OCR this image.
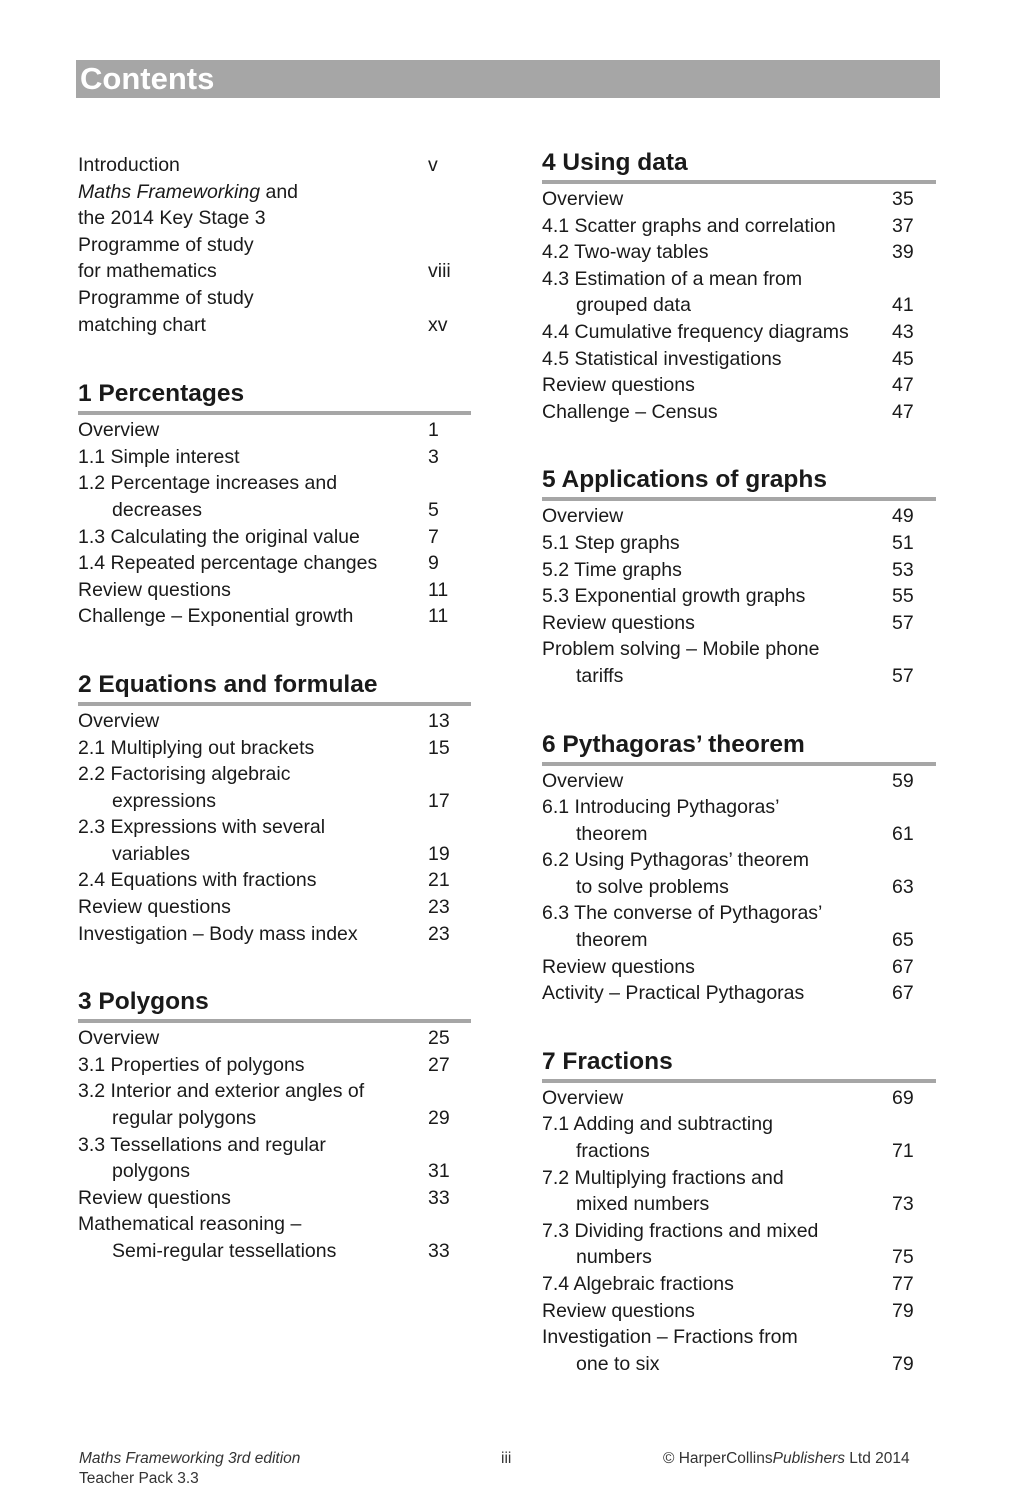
Contents
Introduction	v
Maths Frameworking and
the 2014 Key Stage 3
Programme of study
for mathematics	viii
Programme of study
matching chart	xv
1 Percentages
Overview	1
1.1 Simple interest	3
1.2 Percentage increases and
decreases	5
1.3 Calculating the original value	7
1.4 Repeated percentage changes	9
Review questions	11
Challenge – Exponential growth	11
2 Equations and formulae
Overview	13
2.1 Multiplying out brackets	15
2.2 Factorising algebraic
expressions	17
2.3 Expressions with several
variables	19
2.4 Equations with fractions	21
Review questions	23
Investigation – Body mass index	23
3 Polygons
Overview	25
3.1 Properties of polygons	27
3.2 Interior and exterior angles of
regular polygons	29
3.3 Tessellations and regular
polygons	31
Review questions	33
Mathematical reasoning –
Semi-regular tessellations	33
4 Using data
Overview	35
4.1 Scatter graphs and correlation	37
4.2 Two-way tables	39
4.3 Estimation of a mean from
grouped data	41
4.4 Cumulative frequency diagrams 43
4.5 Statistical investigations	45
Review questions	47
Challenge – Census	47
5 Applications of graphs
Overview	49
5.1 Step graphs	51
5.2 Time graphs	53
5.3 Exponential growth graphs	55
Review questions	57
Problem solving – Mobile phone
tariffs	57
6 Pythagoras’ theorem
Overview	59
6.1 Introducing Pythagoras’
theorem	61
6.2 Using Pythagoras’ theorem
to solve problems	63
6.3 The converse of Pythagoras’
theorem	65
Review questions	67
Activity – Practical Pythagoras	67
7 Fractions
Overview	69
7.1 Adding and subtracting
fractions	71
7.2 Multiplying fractions and
mixed numbers	73
7.3 Dividing fractions and mixed
numbers	75
7.4 Algebraic fractions	77
Review questions	79
Investigation – Fractions from
one to six	79
Maths Frameworking 3rd edition
Teacher Pack 3.3
iii	© HarperCollinsPublishers Ltd 2014
